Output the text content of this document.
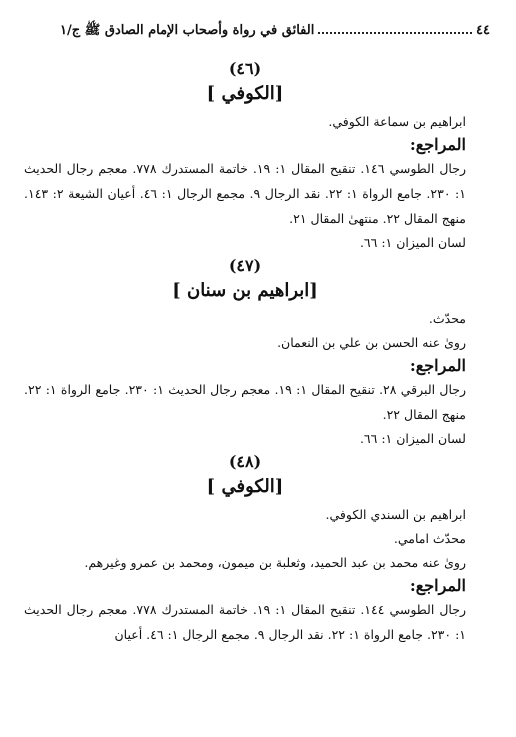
٤٤
الفائق في رواة وأصحاب الإمام الصادق ﷺ ج/١

(٤٦)

[الكوفي ]

ابراهيم بن سماعة الكوفي.

المراجع:

رجال الطوسي ١٤٦. تنقيح المقال ١: ١٩. خاتمة المستدرك ٧٧٨. معجم رجال الحديث ١: ٢٣٠. جامع الرواة ١: ٢٢. نقد الرجال ٩. مجمع الرجال ١: ٤٦. أعيان الشيعة ٢: ١٤٣. منهج المقال ٢٢. منتهىٰ المقال ٢١.

لسان الميزان ١: ٦٦.

(٤٧)

[ابراهيم بن سنان ]

محدّث.

روىٰ عنه الحسن بن علي بن النعمان.

المراجع:

رجال البرقي ٢٨. تنقيح المقال ١: ١٩. معجم رجال الحديث ١: ٢٣٠. جامع الرواة ١: ٢٢. منهج المقال ٢٢.

لسان الميزان ١: ٦٦.

(٤٨)

[الكوفي ]

ابراهيم بن السندي الكوفي.

محدّث امامي.

روىٰ عنه محمد بن عبد الحميد، وثعلبة بن ميمون، ومحمد بن عمرو وغيرهم.

المراجع:

رجال الطوسي ١٤٤. تنقيح المقال ١: ١٩. خاتمة المستدرك ٧٧٨. معجم رجال الحديث ١: ٢٣٠. جامع الرواة ١: ٢٢. نقد الرجال ٩. مجمع الرجال ١: ٤٦. أعيان
